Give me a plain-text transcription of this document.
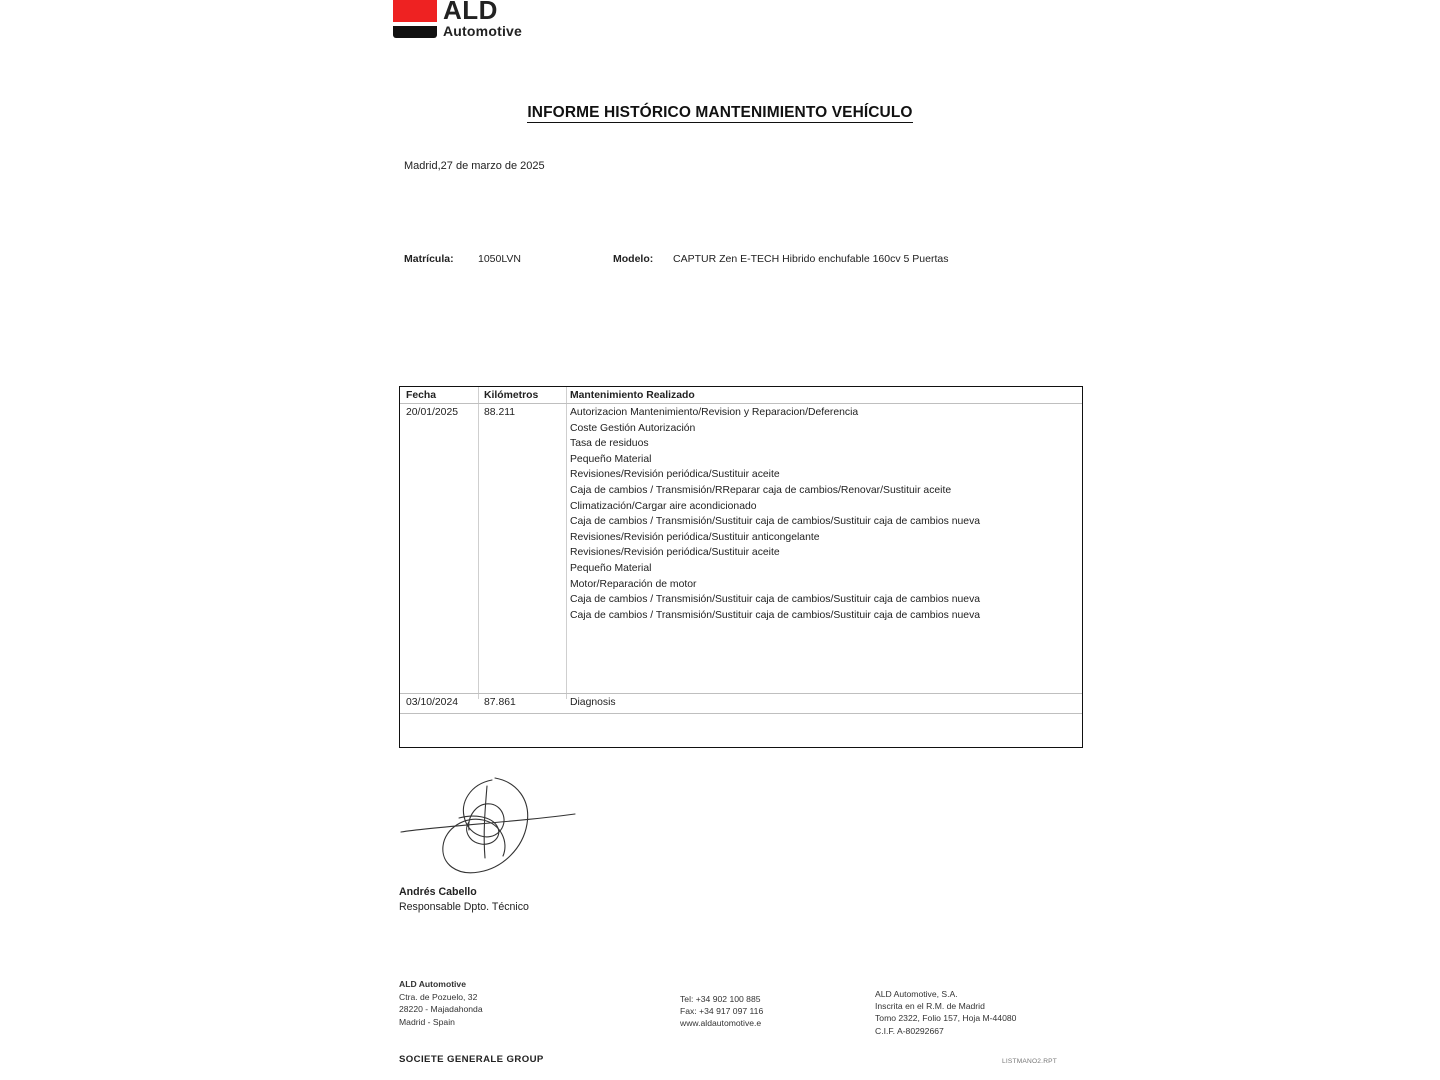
ALD
Automotive
INFORME HISTÓRICO MANTENIMIENTO VEHÍCULO
Madrid,27 de marzo de 2025
Matrícula: 1050LVN	Modelo: CAPTUR Zen E-TECH Hibrido enchufable 160cv 5 Puertas
Fecha	Kilómetros	Mantenimiento Realizado
20/01/2025 88.211	Autorizacion Mantenimiento/Revision y Reparacion/Deferencia
Coste Gestión Autorización
Tasa de residuos
Pequeño Material
Revisiones/Revisión periódica/Sustituir aceite
Caja de cambios / Transmisión/RReparar caja de cambios/Renovar/Sustituir aceite
Climatización/Cargar aire acondicionado
Caja de cambios / Transmisión/Sustituir caja de cambios/Sustituir caja de cambios nueva
Revisiones/Revisión periódica/Sustituir anticongelante
Revisiones/Revisión periódica/Sustituir aceite
Pequeño Material
Motor/Reparación de motor
Caja de cambios / Transmisión/Sustituir caja de cambios/Sustituir caja de cambios nueva
Caja de cambios / Transmisión/Sustituir caja de cambios/Sustituir caja de cambios nueva
03/10/2024 87.861	Diagnosis
Andrés Cabello
Responsable Dpto. Técnico
ALD Automotive
Ctra. de Pozuelo, 32
28220 - Majadahonda
Madrid - Spain
Tel: +34 902 100 885
Fax: +34 917 097 116
www.aldautomotive.e
ALD Automotive, S.A.
Inscrita en el R.M. de Madrid
Tomo 2322, Folio 157, Hoja M-44080
C.I.F. A-80292667
SOCIETE GENERALE GROUP	LISTMANO2.RPT
